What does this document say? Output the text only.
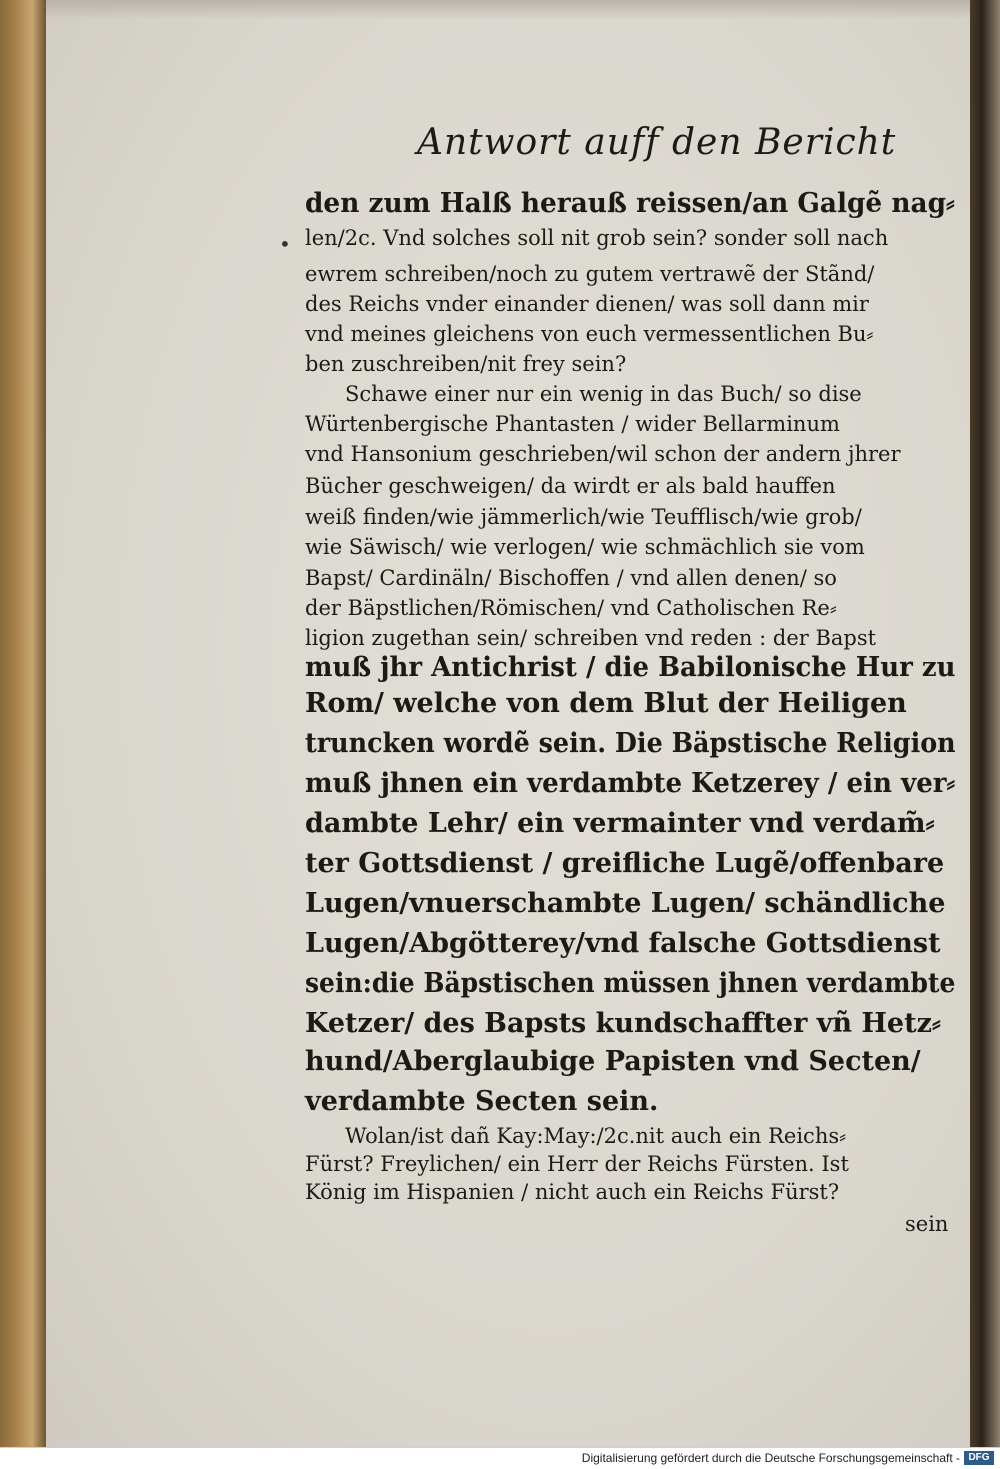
•
Antwort auff den Bericht
den zum Halß herauß reissen/an Galgẽ nag⸗
len/2c. Vnd solches soll nit grob sein? sonder soll nach
ewrem schreiben/noch zu gutem vertrawẽ der Stãnd/
des Reichs vnder einander dienen/ was soll dann mir
vnd meines gleichens von euch vermessentlichen Bu⸗
ben zuschreiben/nit frey sein?
Schawe einer nur ein wenig in das Buch/ so dise
Würtenbergische Phantasten / wider Bellarminum
vnd Hansonium geschrieben/wil schon der andern jhrer
Bücher geschweigen/ da wirdt er als bald hauffen
weiß finden/wie jämmerlich/wie Teufflisch/wie grob/
wie Säwisch/ wie verlogen/ wie schmächlich sie vom
Bapst/ Cardinäln/ Bischoffen / vnd allen denen/ so
der Bäpstlichen/Römischen/ vnd Catholischen Re⸗
ligion zugethan sein/ schreiben vnd reden : der Bapst
muß jhr Antichrist / die Babilonische Hur zu
Rom/ welche von dem Blut der Heiligen
truncken wordẽ sein. Die Bäpstische Religion
muß jhnen ein verdambte Ketzerey / ein ver⸗
dambte Lehr/ ein vermainter vnd verdam̃⸗
ter Gottsdienst / greifliche Lugẽ/offenbare
Lugen/vnuerschambte Lugen/ schändliche
Lugen/Abgötterey/vnd falsche Gottsdienst
sein:die Bäpstischen müssen jhnen verdambte
Ketzer/ des Bapsts kundschaffter vñ Hetz⸗
hund/Aberglaubige Papisten vnd Secten/
verdambte Secten sein.
Wolan/ist dañ Kay:May:/2c.nit auch ein Reichs⸗
Fürst? Freylichen/ ein Herr der Reichs Fürsten. Ist
König im Hispanien / nicht auch ein Reichs Fürst?
sein
Digitalisierung gefördert durch die Deutsche Forschungsgemeinschaft - DFG
